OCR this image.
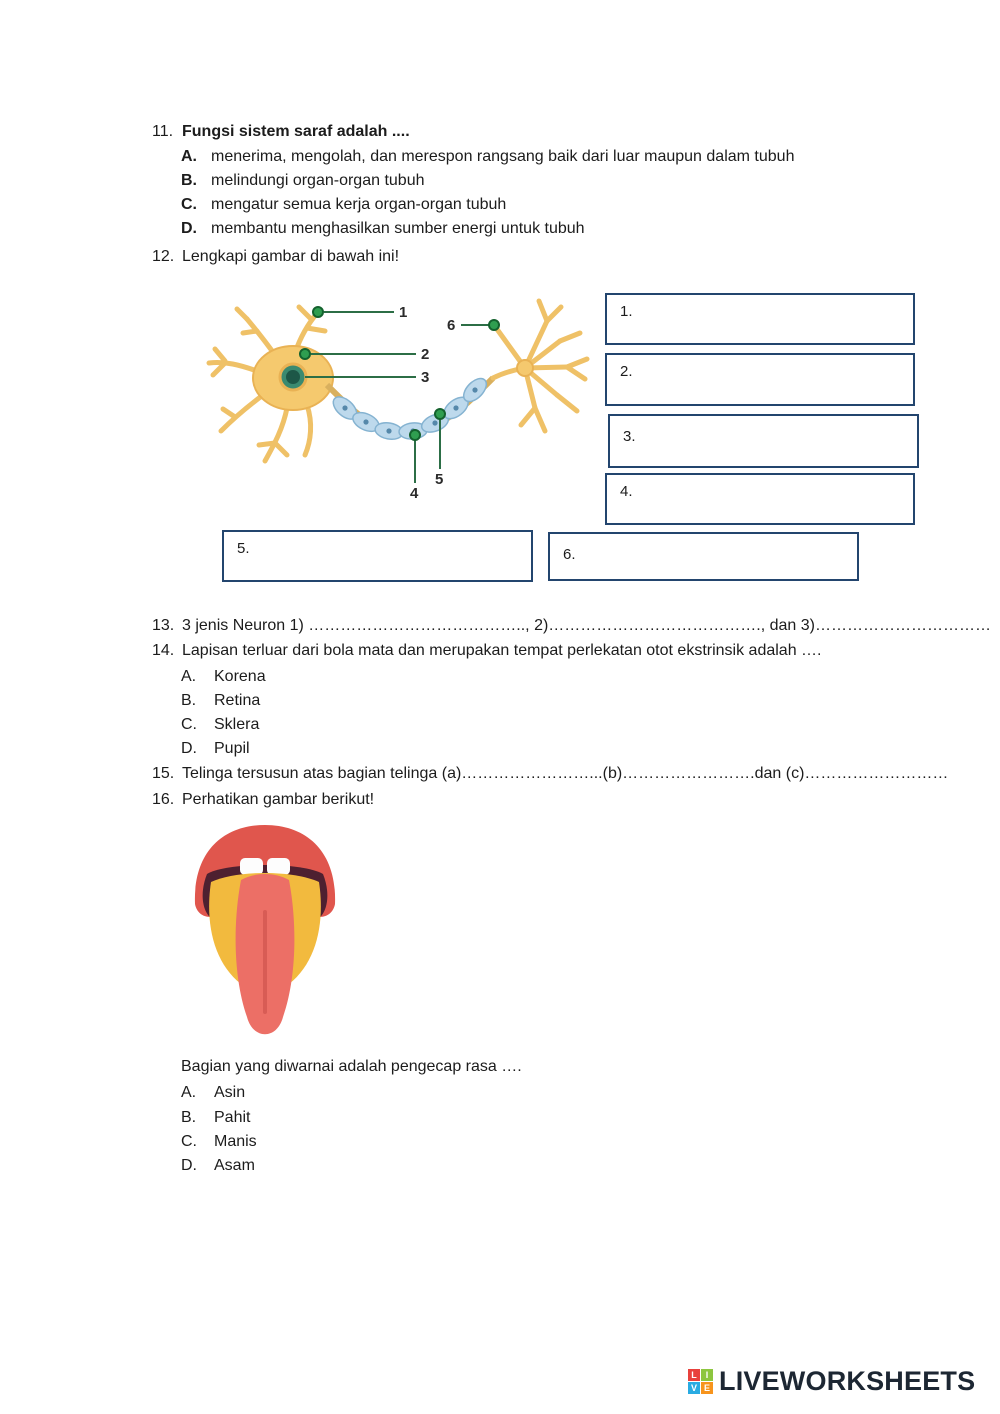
11. Fungsi sistem saraf adalah ....
A. menerima, mengolah, dan merespon rangsang baik dari luar maupun dalam tubuh
B. melindungi organ-organ tubuh
C. mengatur semua kerja organ-organ tubuh
D. membantu menghasilkan sumber energi untuk tubuh
12. Lengkapi gambar di bawah ini!
1
2
3
4
5
6
1.
2.
3.
4.
5.	6.
13. 3 jenis Neuron 1) ………………………………….., 2)…………………………………., dan 3)……………………………
14. Lapisan terluar dari bola mata dan merupakan tempat perlekatan otot ekstrinsik adalah ….
A. Korena
B. Retina
C. Sklera
D. Pupil
15. Telinga tersusun atas bagian telinga (a)……………………...(b)…………………….dan (c)………………………
16. Perhatikan gambar berikut!
Bagian yang diwarnai adalah pengecap rasa ….
A. Asin
B. Pahit
C. Manis
D. Asam
L I
V E LIVEWORKSHEETS
